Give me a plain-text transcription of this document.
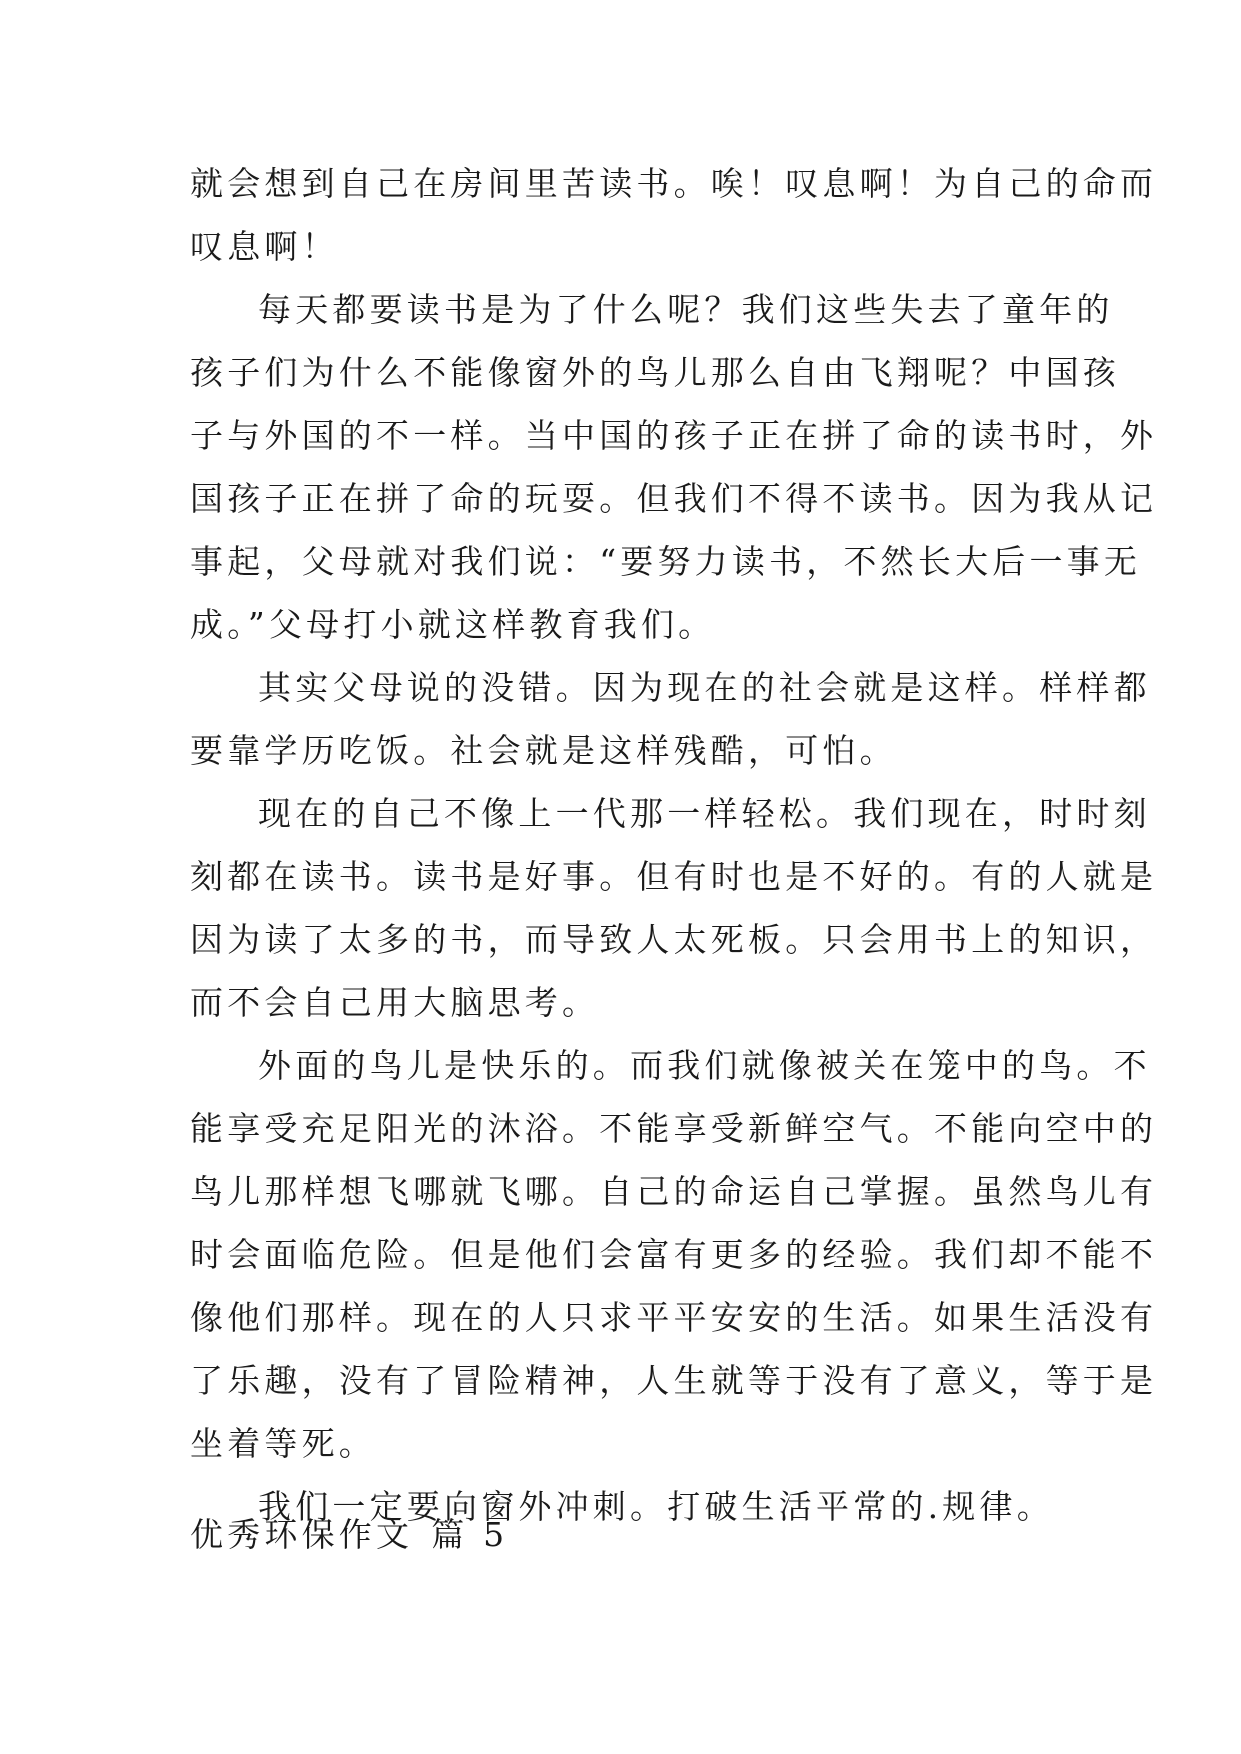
就会想到自己在房间里苦读书。唉！叹息啊！为自己的命而
叹息啊！
每天都要读书是为了什么呢？我们这些失去了童年的
孩子们为什么不能像窗外的鸟儿那么自由飞翔呢？中国孩
子与外国的不一样。当中国的孩子正在拼了命的读书时，外
国孩子正在拼了命的玩耍。但我们不得不读书。因为我从记
事起，父母就对我们说：“要努力读书，不然长大后一事无
成。”父母打小就这样教育我们。
其实父母说的没错。因为现在的社会就是这样。样样都
要靠学历吃饭。社会就是这样残酷，可怕。
现在的自己不像上一代那一样轻松。我们现在，时时刻
刻都在读书。读书是好事。但有时也是不好的。有的人就是
因为读了太多的书，而导致人太死板。只会用书上的知识，
而不会自己用大脑思考。
外面的鸟儿是快乐的。而我们就像被关在笼中的鸟。不
能享受充足阳光的沐浴。不能享受新鲜空气。不能向空中的
鸟儿那样想飞哪就飞哪。自己的命运自己掌握。虽然鸟儿有
时会面临危险。但是他们会富有更多的经验。我们却不能不
像他们那样。现在的人只求平平安安的生活。如果生活没有
了乐趣，没有了冒险精神，人生就等于没有了意义，等于是
坐着等死。
我们一定要向窗外冲刺。打破生活平常的.规律。
优秀环保作文 篇 5
